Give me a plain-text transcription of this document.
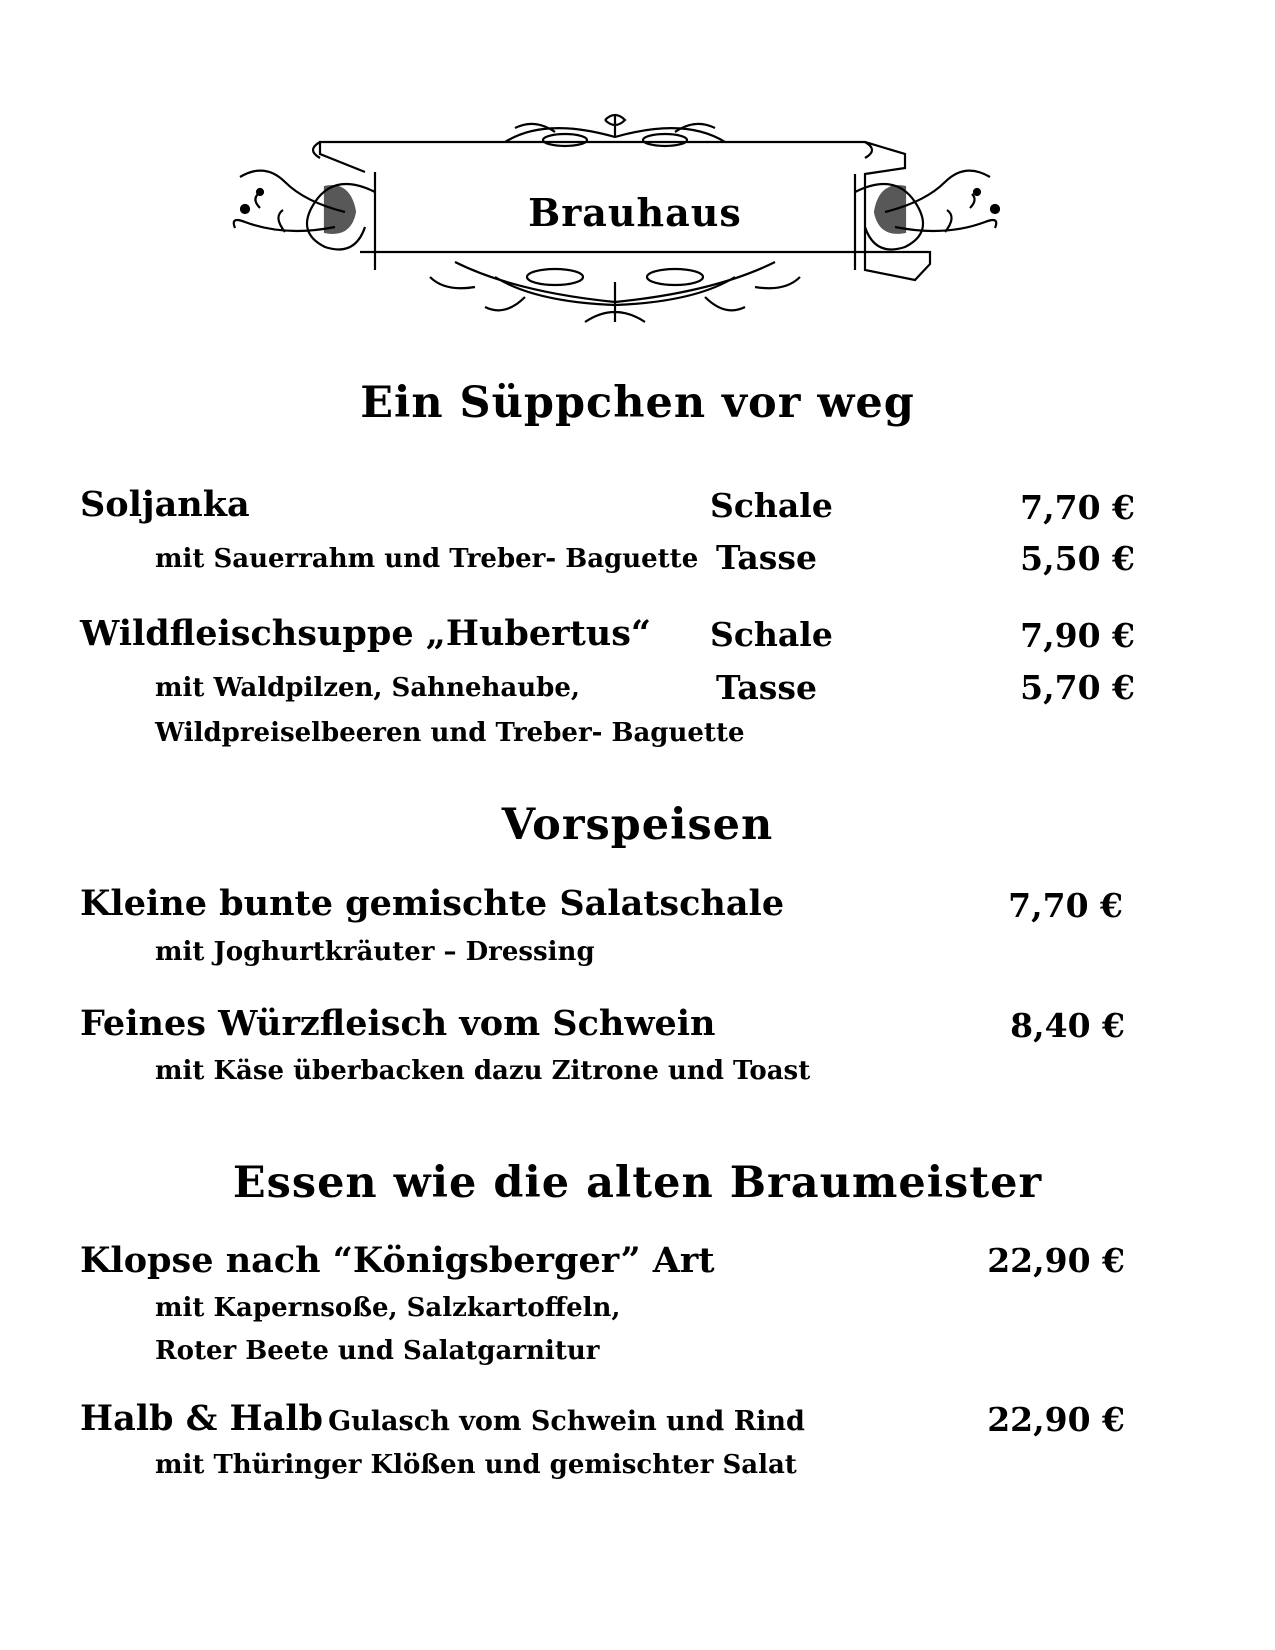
Brauhaus
Ein Süppchen vor weg
Soljanka
mit Sauerrahm und Treber- Baguette
Schale
Tasse
7,70 €
5,50 €
Wildfleischsuppe „Hubertus“
mit Waldpilzen, Sahnehaube,
Wildpreiselbeeren und Treber- Baguette
Schale
Tasse
7,90 €
5,70 €
Vorspeisen
Kleine bunte gemischte Salatschale
mit Joghurtkräuter – Dressing
7,70 €
Feines Würzfleisch vom Schwein
mit Käse überbacken dazu Zitrone und Toast
8,40 €
Essen wie die alten Braumeister
Klopse nach “Königsberger” Art
mit Kapernsoße, Salzkartoffeln,
Roter Beete und Salatgarnitur
22,90 €
Halb & Halb Gulasch vom Schwein und Rind
mit Thüringer Klößen und gemischter Salat
22,90 €
